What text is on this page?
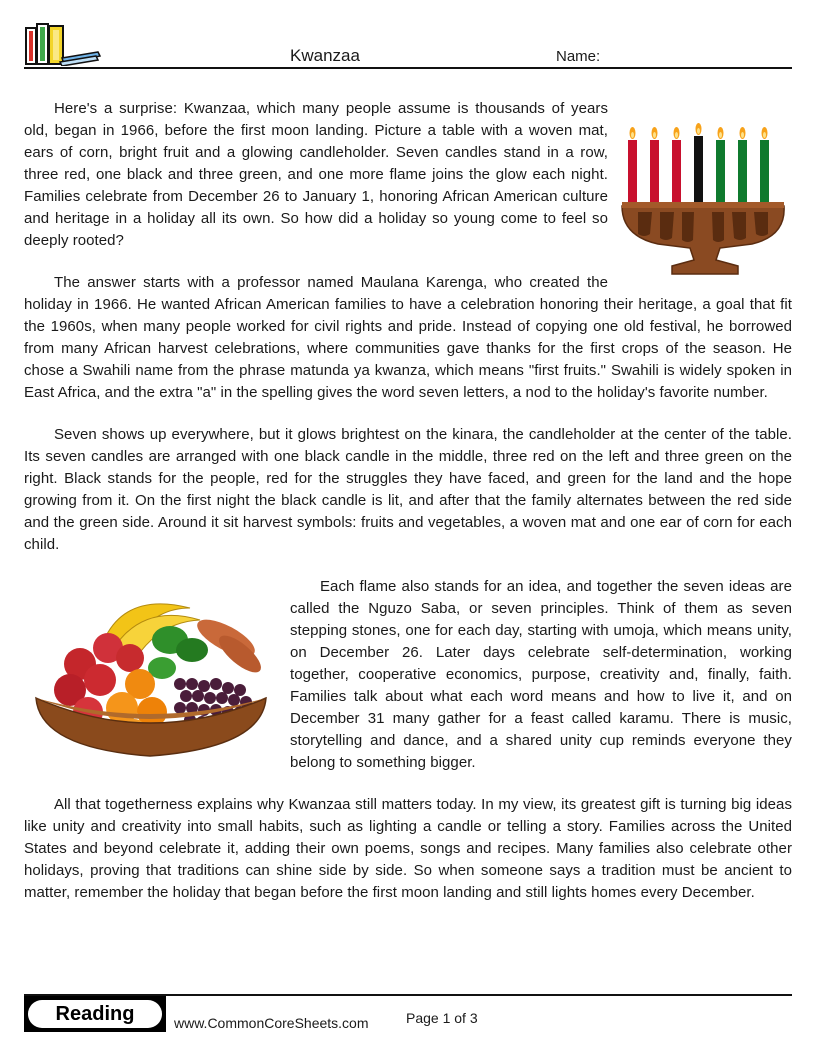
Kwanzaa	Name:

Here's a surprise: Kwanzaa, which many people assume is thousands of years old, began in 1966, before the first moon landing. Picture a table with a woven mat, ears of corn, bright fruit and a glowing candleholder. Seven candles stand in a row, three red, one black and three green, and one more flame joins the glow each night. Families celebrate from December 26 to January 1, honoring African American culture and heritage in a holiday all its own. So how did a holiday so young come to feel so deeply rooted?

The answer starts with a professor named Maulana Karenga, who created the holiday in 1966. He wanted African American families to have a celebration honoring their heritage, a goal that fit the 1960s, when many people worked for civil rights and pride. Instead of copying one old festival, he borrowed from many African harvest celebrations, where communities gave thanks for the first crops of the season. He chose a Swahili name from the phrase matunda ya kwanza, which means "first fruits." Swahili is widely spoken in East Africa, and the extra "a" in the spelling gives the word seven letters, a nod to the holiday's favorite number.

Seven shows up everywhere, but it glows brightest on the kinara, the candleholder at the center of the table. Its seven candles are arranged with one black candle in the middle, three red on the left and three green on the right. Black stands for the people, red for the struggles they have faced, and green for the land and the hope growing from it. On the first night the black candle is lit, and after that the family alternates between the red side and the green side. Around it sit harvest symbols: fruits and vegetables, a woven mat and one ear of corn for each child.

Each flame also stands for an idea, and together the seven ideas are called the Nguzo Saba, or seven principles. Think of them as seven stepping stones, one for each day, starting with umoja, which means unity, on December 26. Later days celebrate self-determination, working together, cooperative economics, purpose, creativity and, finally, faith. Families talk about what each word means and how to live it, and on December 31 many gather for a feast called karamu. There is music, storytelling and dance, and a shared unity cup reminds everyone they belong to something bigger.

All that togetherness explains why Kwanzaa still matters today. In my view, its greatest gift is turning big ideas like unity and creativity into small habits, such as lighting a candle or telling a story. Families across the United States and beyond celebrate it, adding their own poems, songs and recipes. Many families also celebrate other holidays, proving that traditions can shine side by side. So when someone says a tradition must be ancient to matter, remember the holiday that began before the first moon landing and still lights homes every December.

Reading	www.CommonCoreSheets.com	Page 1 of 3
